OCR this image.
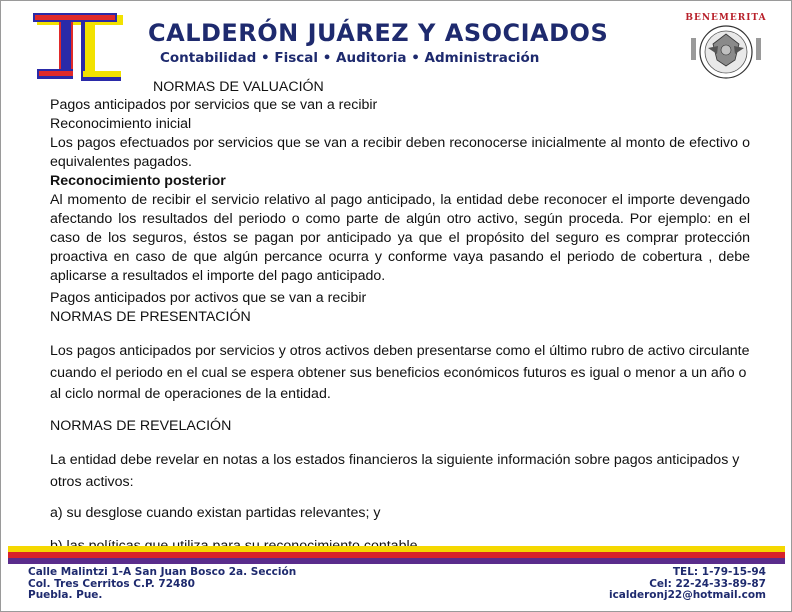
CALDERÓN JUÁREZ Y ASOCIADOS
Contabilidad • Fiscal • Auditoria • Administración
BENEMERITA
NORMAS DE VALUACIÓN
Pagos anticipados por servicios que se van a recibir
Reconocimiento inicial
Los pagos efectuados por servicios que se van a recibir deben reconocerse inicialmente al monto de efectivo o equivalentes pagados.
Reconocimiento posterior
Al momento de recibir el servicio relativo al pago anticipado, la entidad debe reconocer el importe devengado afectando los resultados del periodo o como parte de algún otro activo, según proceda. Por ejemplo: en el caso de los seguros, éstos se pagan por anticipado ya que el propósito del seguro es comprar protección proactiva en caso de que algún percance ocurra y conforme vaya pasando el periodo de cobertura , debe aplicarse a resultados el importe del pago anticipado.
Pagos anticipados por activos que se van a recibir
NORMAS DE PRESENTACIÓN
Los pagos anticipados por servicios y otros activos deben presentarse como el último rubro de activo circulante cuando el periodo en el cual se espera obtener sus beneficios económicos futuros es igual o menor a un año o al ciclo normal de operaciones de la entidad.
NORMAS DE REVELACIÓN
La entidad debe revelar en notas a los estados financieros la siguiente información sobre pagos anticipados y otros activos:
a) su desglose cuando existan partidas relevantes; y
Calle Malintzi 1-A San Juan Bosco 2a. Sección
Col. Tres Cerritos C.P. 72480
Puebla. Pue.
TEL: 1-79-15-94
Cel: 22-24-33-89-87
icalderonj22@hotmail.com
